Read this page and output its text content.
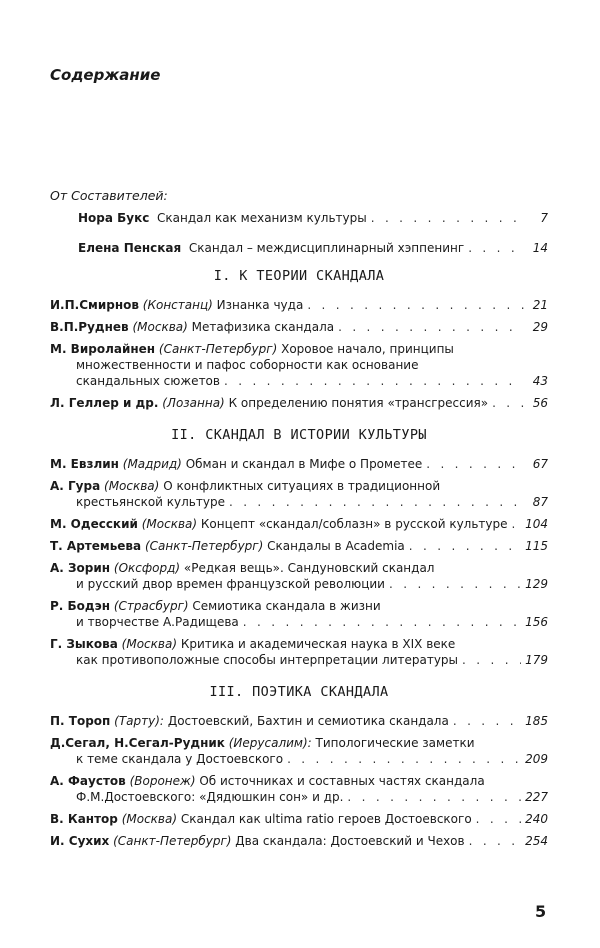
Содержание
От Составителей:
Нора Букс Скандал как механизм культуры . . .	7
Елена Пенская Скандал – междисциплинарный хэппенинг . . .	14
I. К ТЕОРИИ СКАНДАЛА
И.П.Смирнов (Констанц) Изнанка чуда . . .	21
В.П.Руднев (Москва) Метафизика скандала . . .	29
М. Виролайнен (Санкт-Петербург) Хоровое начало, принципы
множественности и пафос соборности как основание
скандальных сюжетов . . .	43
Л. Геллер и др. (Лозанна) К определению понятия «трансгрессия» . . .	56
II. СКАНДАЛ В ИСТОРИИ КУЛЬТУРЫ
М. Евзлин (Мадрид) Обман и скандал в Мифе о Прометее . . .	67
А. Гура (Москва) О конфликтных ситуациях в традиционной
крестьянской культуре . . .	87
М. Одесский (Москва) Концепт «скандал/соблазн» в русской культуре . . . 104
Т. Артемьева (Санкт-Петербург) Скандалы в Academia . . .	115
А. Зорин (Оксфорд) «Редкая вещь». Сандуновский скандал
и русский двор времен французской революции . . .	129
Р. Бодэн (Страсбург) Семиотика скандала в жизни
и творчестве А.Радищева . . .	156
Г. Зыкова (Москва) Критика и академическая наука в XIX веке
как противоположные способы интерпретации литературы . . .	179
III. ПОЭТИКА СКАНДАЛА
П. Тороп (Тарту): Достоевский, Бахтин и семиотика скандала . . .	185
Д.Сегал, Н.Сегал-Рудник (Иерусалим): Типологические заметки
к теме скандала у Достоевского . . .	209
А. Фаустов (Воронеж) Об источниках и составных частях скандала
Ф.М.Достоевского: «Дядюшкин сон» и др. . . .	227
В. Кантор (Москва) Скандал как ultima ratio героев Достоевского . . .	240
И. Сухих (Санкт-Петербург) Два скандала: Достоевский и Чехов . . .	254
5
